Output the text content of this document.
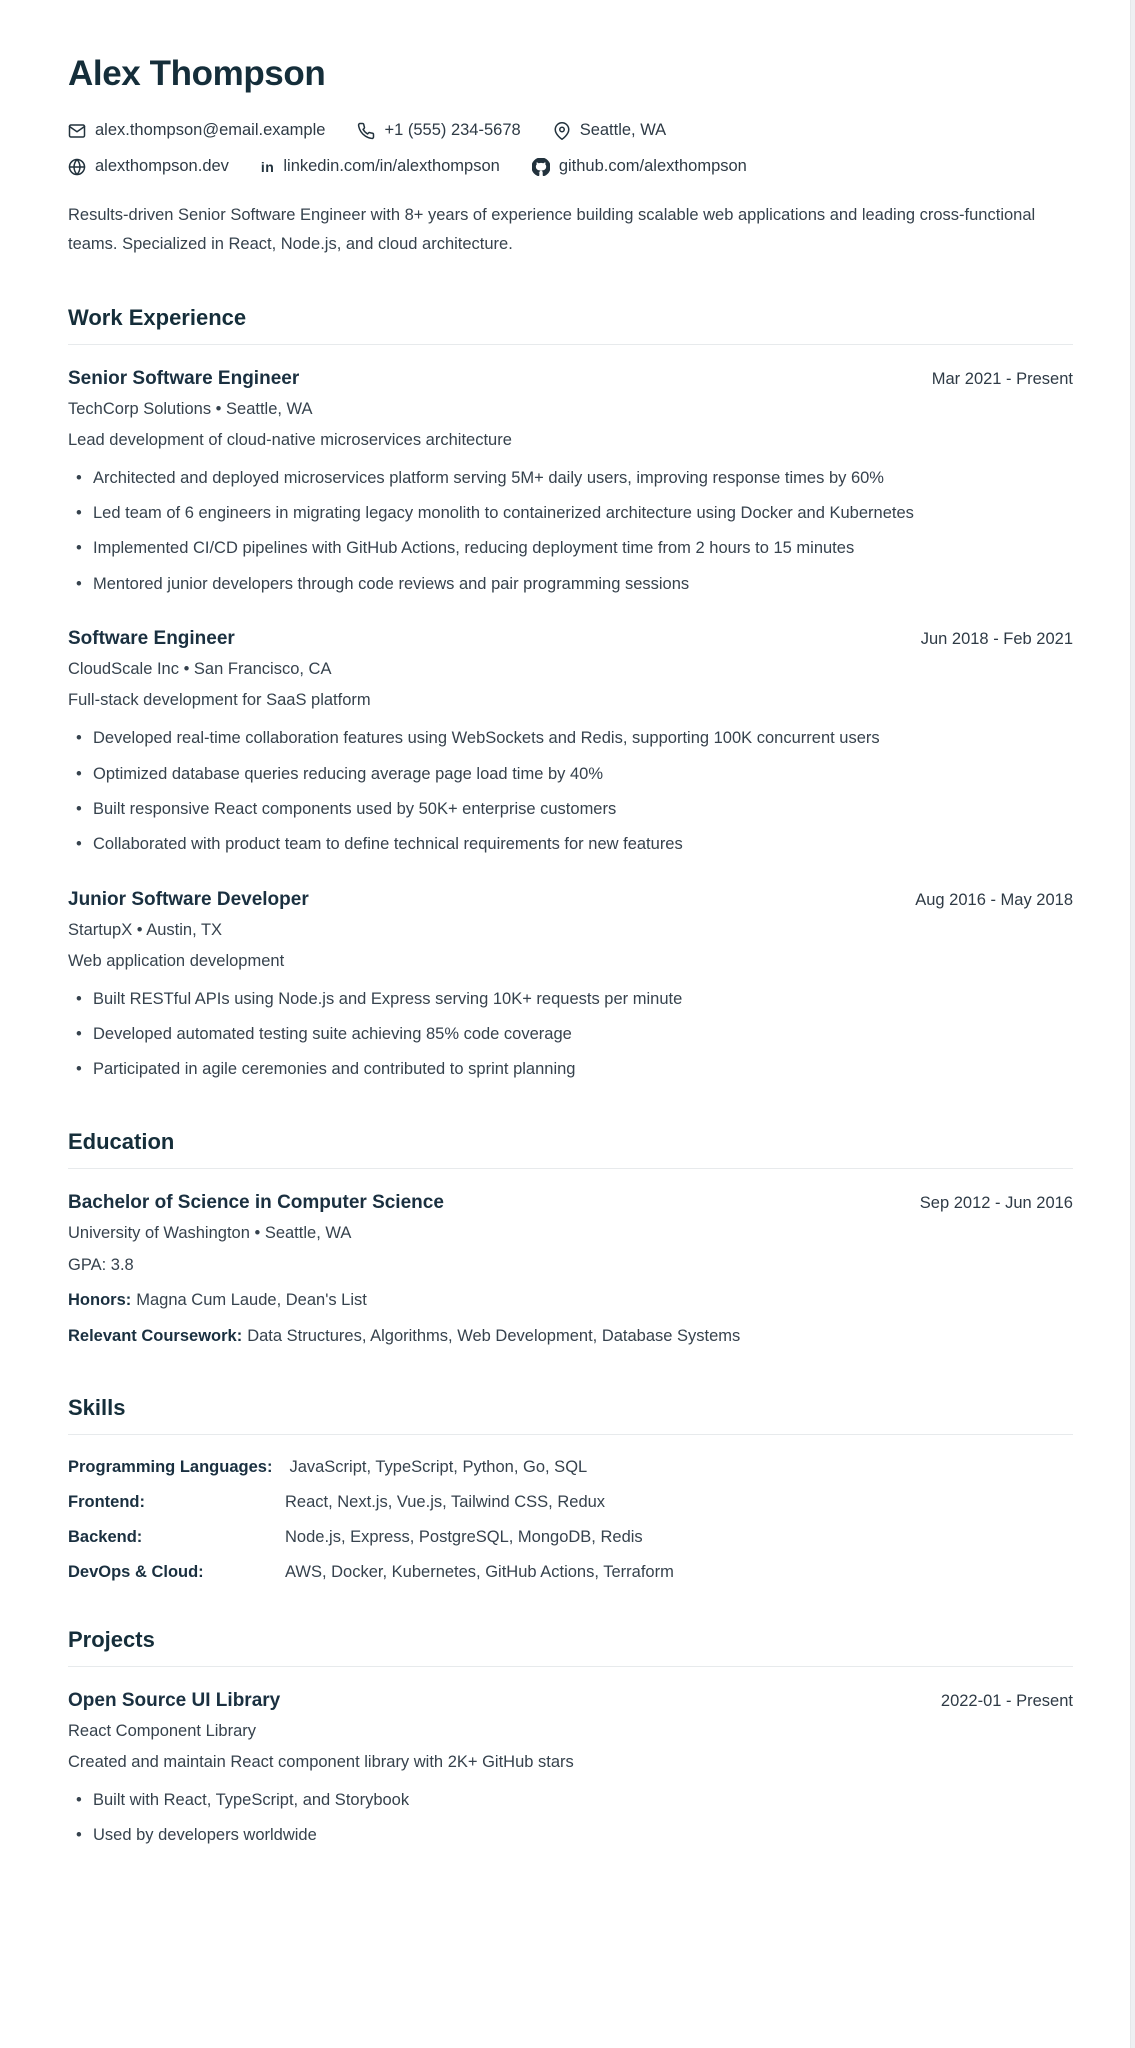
Alex Thompson
alex.thompson@email.example	+1 (555) 234-5678	Seattle, WA
alexthompson.dev in linkedin.com/in/alexthompson	github.com/alexthompson

Results-driven Senior Software Engineer with 8+ years of experience building scalable web applications and leading cross-functional teams. Specialized in React, Node.js, and cloud architecture.

Work Experience
Senior Software Engineer	Mar 2021 - Present
TechCorp Solutions • Seattle, WA
Lead development of cloud-native microservices architecture
• Architected and deployed microservices platform serving 5M+ daily users, improving response times by 60%
• Led team of 6 engineers in migrating legacy monolith to containerized architecture using Docker and Kubernetes
• Implemented CI/CD pipelines with GitHub Actions, reducing deployment time from 2 hours to 15 minutes
• Mentored junior developers through code reviews and pair programming sessions
Software Engineer	Jun 2018 - Feb 2021
CloudScale Inc • San Francisco, CA
Full-stack development for SaaS platform
• Developed real-time collaboration features using WebSockets and Redis, supporting 100K concurrent users
• Optimized database queries reducing average page load time by 40%
• Built responsive React components used by 50K+ enterprise customers
• Collaborated with product team to define technical requirements for new features
Junior Software Developer	Aug 2016 - May 2018
StartupX • Austin, TX
Web application development
• Built RESTful APIs using Node.js and Express serving 10K+ requests per minute
• Developed automated testing suite achieving 85% code coverage
• Participated in agile ceremonies and contributed to sprint planning
Education
Bachelor of Science in Computer Science	Sep 2012 - Jun 2016
University of Washington • Seattle, WA

GPA: 3.8

Honors: Magna Cum Laude, Dean's List

Relevant Coursework: Data Structures, Algorithms, Web Development, Database Systems

Skills
Programming Languages: JavaScript, TypeScript, Python, Go, SQL
Frontend:	React, Next.js, Vue.js, Tailwind CSS, Redux
Backend:	Node.js, Express, PostgreSQL, MongoDB, Redis
DevOps & Cloud:	AWS, Docker, Kubernetes, GitHub Actions, Terraform
Projects
Open Source UI Library	2022-01 - Present
React Component Library
Created and maintain React component library with 2K+ GitHub stars
• Built with React, TypeScript, and Storybook
• Used by developers worldwide
